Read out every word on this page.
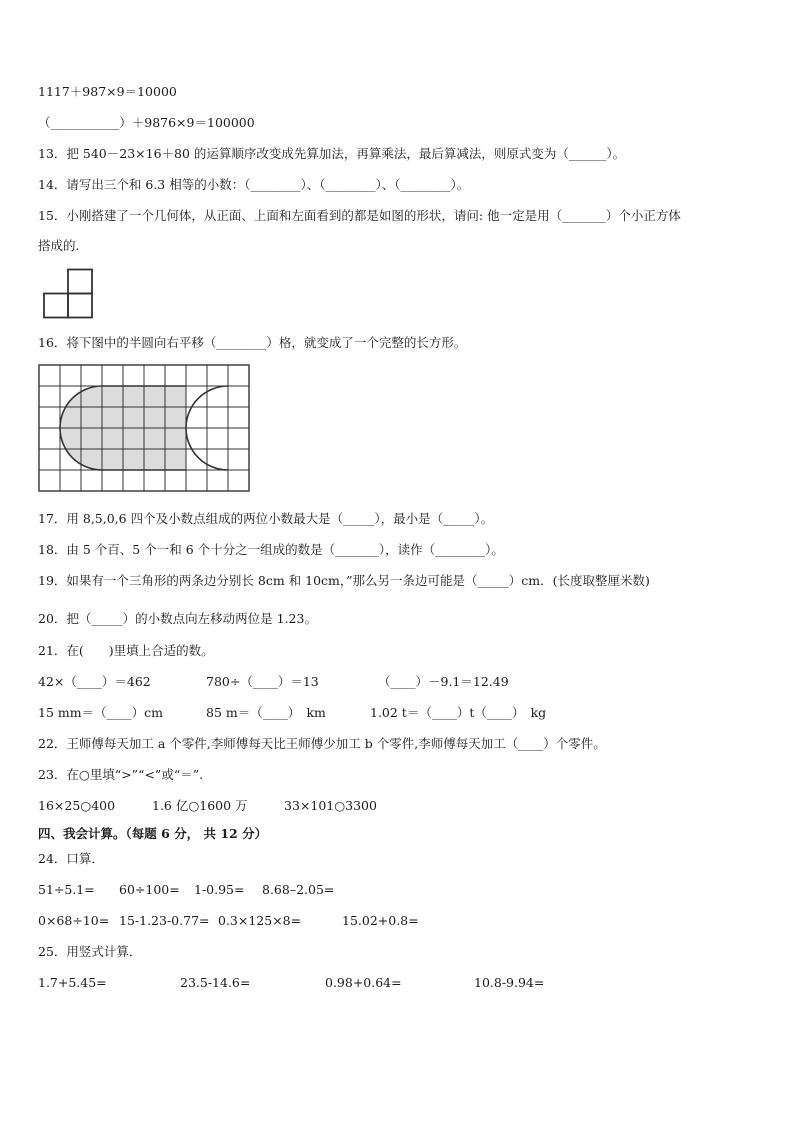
1117＋987×9＝10000
（___________）＋9876×9＝100000
13．把 540－23×16＋80 的运算顺序改变成先算加法，再算乘法，最后算减法，则原式变为（______）。
14．请写出三个和 6.3 相等的小数：（________）、（________）、（________）。
15．小刚搭建了一个几何体，从正面、上面和左面看到的都是如图的形状，请问: 他一定是用（_______）个小正方体
搭成的.
16．将下图中的半圆向右平移（________）格，就变成了一个完整的长方形。
17．用 8,5,0,6 四个及小数点组成的两位小数最大是（_____），最小是（_____）。
18．由 5 个百、5 个一和 6 个十分之一组成的数是（_______），读作（________）。
19．如果有一个三角形的两条边分别长 8cm 和 10cm，”那么另一条边可能是（_____）cm．(长度取整厘米数)
20．把（_____）的小数点向左移动两位是 1.23。
21．在(　　)里填上合适的数。
42×（____）＝462	780÷（____）＝13	（____）－9.1＝12.49
15 mm＝（____）cm	85 m＝（____）　km	1.02 t＝（____）t（____）　kg
22．王师傅每天加工 a 个零件,李师傅每天比王师傅少加工 b 个零件,李师傅每天加工（____）个零件。
23．在○里填“>”“<”或“＝”.
16×25○400	1.6 亿○1600 万	33×101○3300
四、我会计算。（每题 6 分， 共 12 分）
24．口算．
51÷5.1= 60÷100= 1-0.95= 8.68–2.05=
0×68÷10= 15-1.23-0.77= 0.3×125×8=	15.02+0.8=
25．用竖式计算．
1.7+5.45=	23.5-14.6=	0.98+0.64=	10.8-9.94=
